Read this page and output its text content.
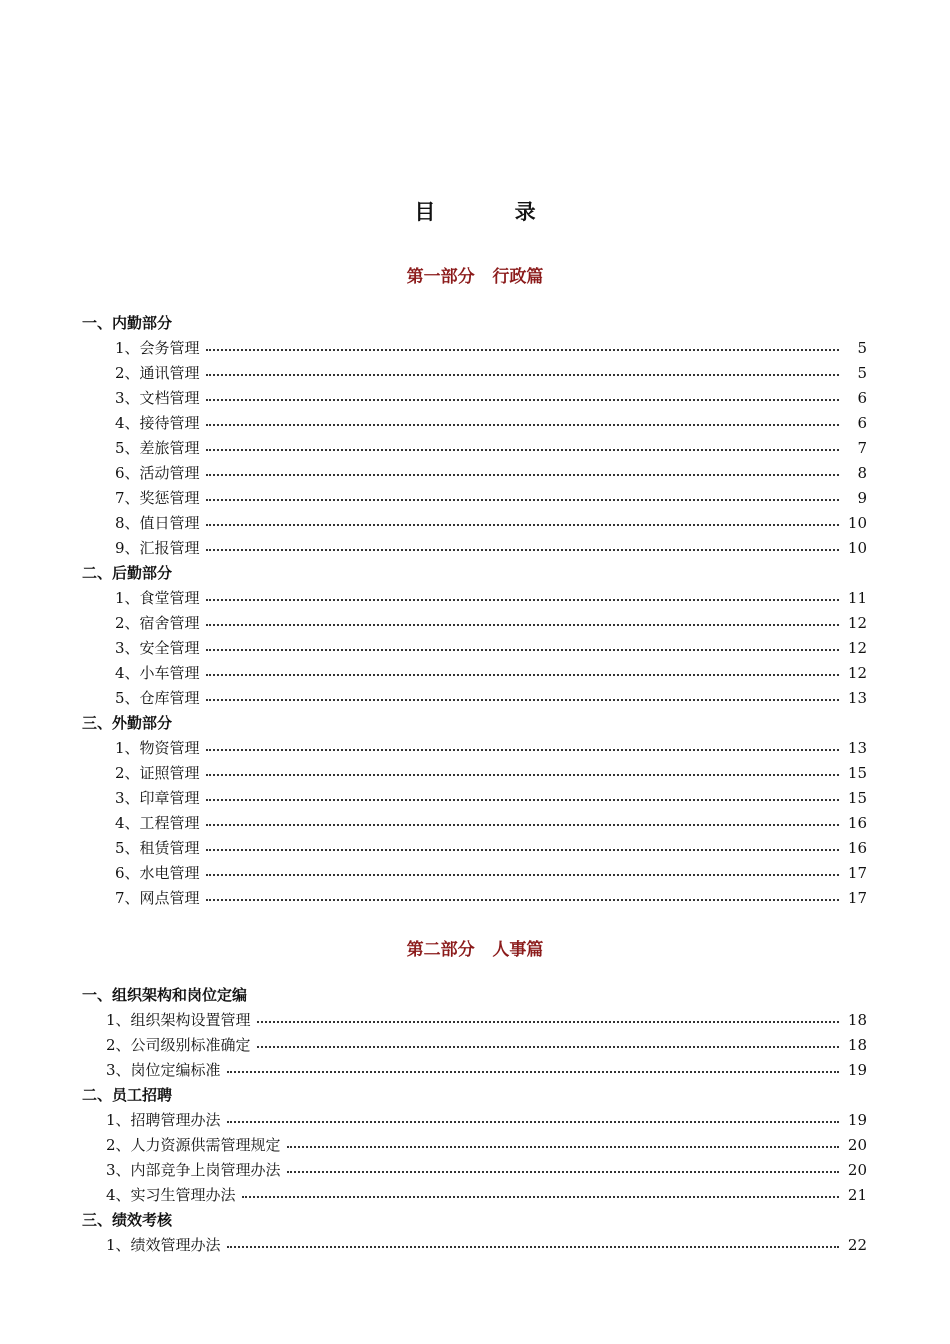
目 录
第一部分   行政篇
一、内勤部分
1、会务管理	5
2、通讯管理	5
3、文档管理	6
4、接待管理	6
5、差旅管理	7
6、活动管理	8
7、奖惩管理	9
8、值日管理	10
9、汇报管理	10
二、后勤部分
1、食堂管理	11
2、宿舍管理	12
3、安全管理	12
4、小车管理	12
5、仓库管理	13
三、外勤部分
1、物资管理	13
2、证照管理	15
3、印章管理	15
4、工程管理	16
5、租赁管理	16
6、水电管理	17
7、网点管理	17
第二部分   人事篇
一、组织架构和岗位定编
1、组织架构设置管理	18
2、公司级别标准确定	18
3、岗位定编标准	19
二、员工招聘
1、招聘管理办法	19
2、人力资源供需管理规定	20
3、内部竞争上岗管理办法	20
4、实习生管理办法	21
三、绩效考核
1、绩效管理办法	22
